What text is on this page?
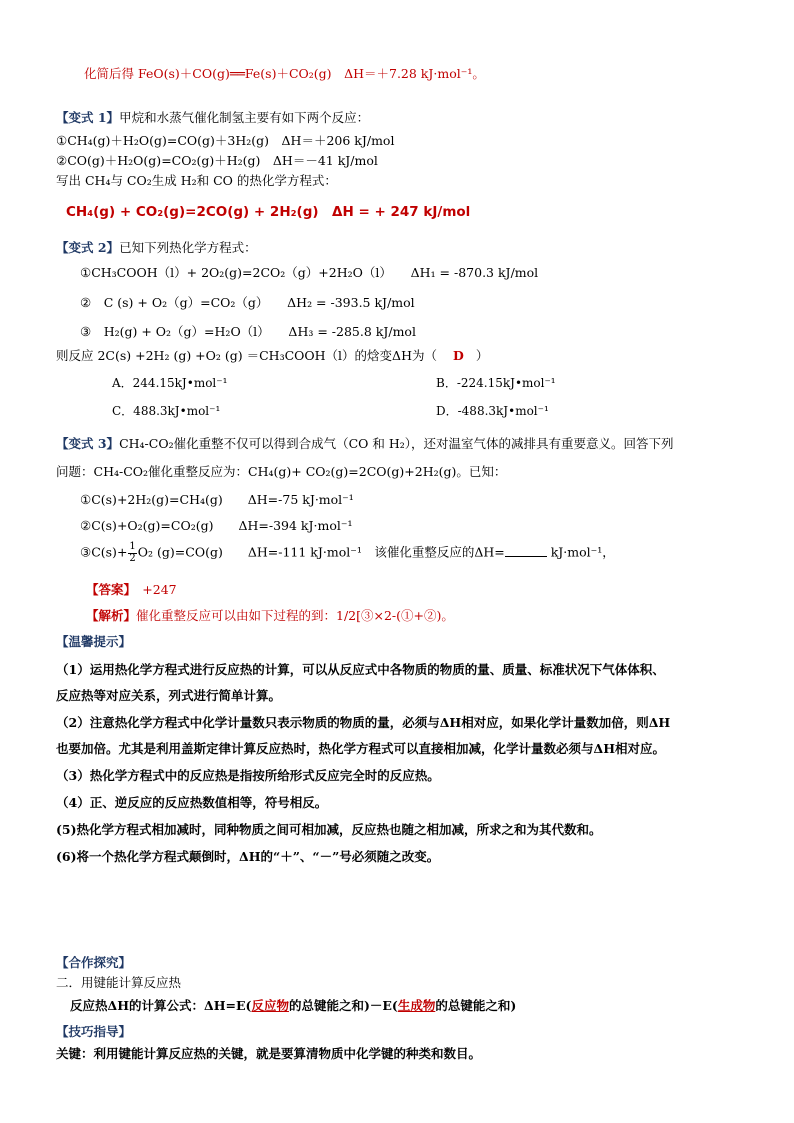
化简后得 FeO(s)＋CO(g)══Fe(s)＋CO₂(g)　 ΔH＝＋7.28 kJ·mol⁻¹。
【变式 1】甲烷和水蒸气催化制氢主要有如下两个反应：
①CH₄(g)＋H₂O(g)=CO(g)＋3H₂(g)　ΔH＝＋206 kJ/mol
②CO(g)＋H₂O(g)=CO₂(g)＋H₂(g)　ΔH＝－41 kJ/mol
写出 CH₄与 CO₂生成 H₂和 CO 的热化学方程式：
CH₄(g) + CO₂(g)=2CO(g) + 2H₂(g)　ΔH = + 247 kJ/mol
【变式 2】已知下列热化学方程式：
①CH₃COOH（l）+ 2O₂(g)=2CO₂（g）+2H₂O（l）　　ΔH₁ = -870.3 kJ/mol
②　C (s) + O₂（g）=CO₂（g）　　ΔH₂ = -393.5 kJ/mol
③　H₂(g) + O₂（g）=H₂O（l）　　ΔH₃ = -285.8 kJ/mol
则反应 2C(s) +2H₂ (g) +O₂ (g) ＝CH₃COOH（l）的焓变ΔH为（ D ）
A．244.15kJ•mol⁻¹	B．-224.15kJ•mol⁻¹
C．488.3kJ•mol⁻¹	D．-488.3kJ•mol⁻¹
【变式 3】CH₄-CO₂催化重整不仅可以得到合成气（CO 和 H₂），还对温室气体的减排具有重要意义。回答下列
问题：CH₄-CO₂催化重整反应为：CH₄(g)+ CO₂(g)=2CO(g)+2H₂(g)。已知：
①C(s)+2H₂(g)=CH₄(g)　　ΔH=-75 kJ·mol⁻¹
②C(s)+O₂(g)=CO₂(g)　　ΔH=-394 kJ·mol⁻¹
③C(s)+ $\frac{1}{2} O_2$ (g)=CO(g)　　ΔH=-111 kJ·mol⁻¹　该催化重整反应的ΔH=	kJ·mol⁻¹，
【答案】　 +247
【解析】催化重整反应可以由如下过程的到：1/2[③×2-(①+②)。
【温馨提示】
（1）运用热化学方程式进行反应热的计算，可以从反应式中各物质的物质的量、质量、标准状况下气体体积、
反应热等对应关系，列式进行简单计算。
（2）注意热化学方程式中化学计量数只表示物质的物质的量，必须与ΔH相对应，如果化学计量数加倍，则ΔH
也要加倍。尤其是利用盖斯定律计算反应热时，热化学方程式可以直接相加减，化学计量数必须与ΔH相对应。
（3）热化学方程式中的反应热是指按所给形式反应完全时的反应热。
（4）正、逆反应的反应热数值相等，符号相反。
(5)热化学方程式相加减时，同种物质之间可相加减，反应热也随之相加减，所求之和为其代数和。
(6)将一个热化学方程式颠倒时，ΔH的“＋”、“－”号必须随之改变。
【合作探究】
二．用键能计算反应热
反应热ΔH的计算公式：ΔH=E(反应物的总键能之和)－E(生成物的总键能之和)
【技巧指导】
关键：利用键能计算反应热的关键，就是要算清物质中化学键的种类和数目。
